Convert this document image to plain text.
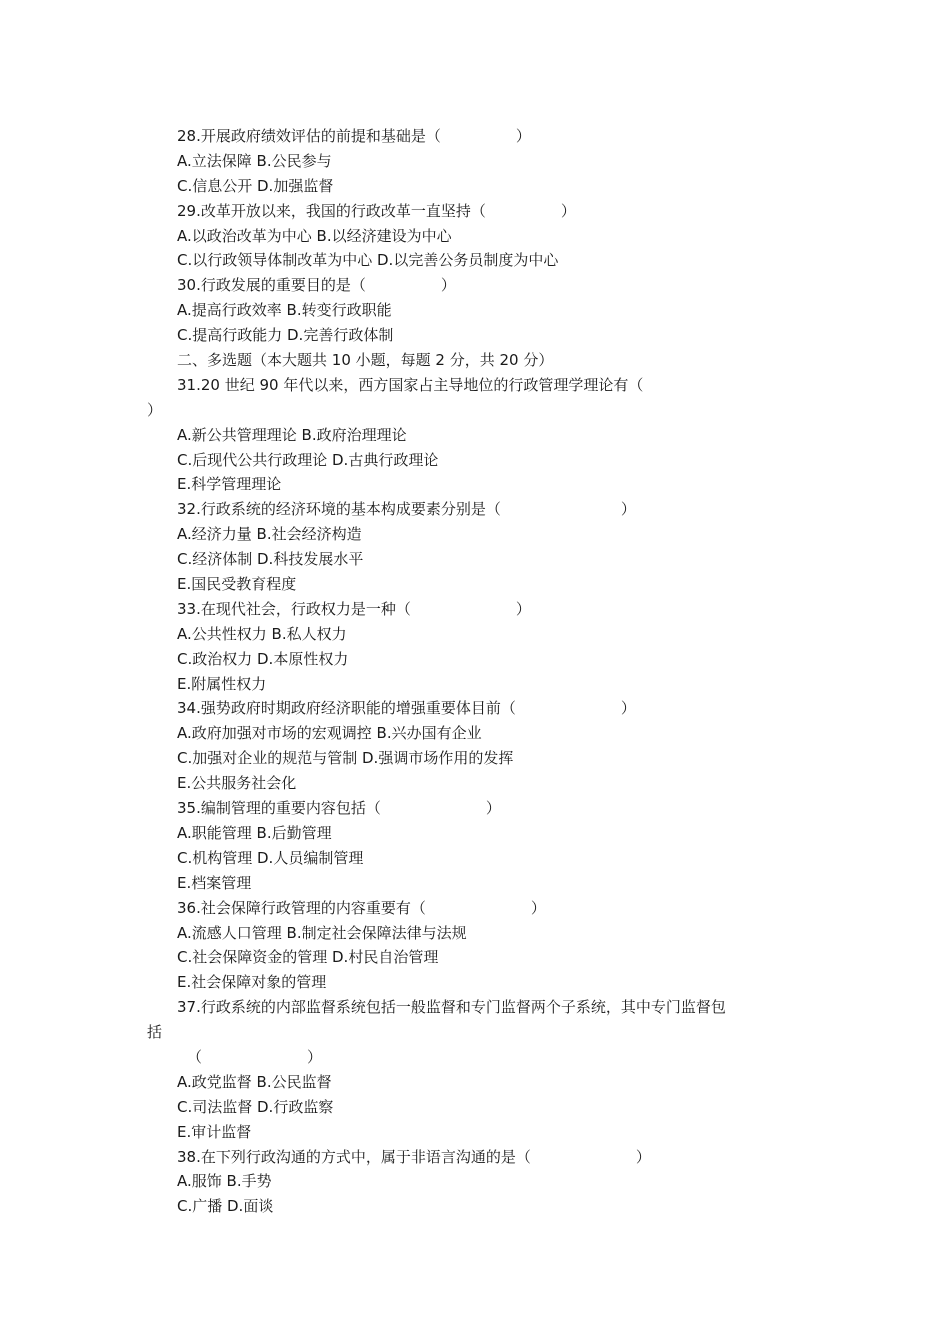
28.开展政府绩效评估的前提和基础是（　　　　　）
A.立法保障 B.公民参与
C.信息公开 D.加强监督
29.改革开放以来，我国的行政改革一直坚持（　　　　　）
A.以政治改革为中心 B.以经济建设为中心
C.以行政领导体制改革为中心 D.以完善公务员制度为中心
30.行政发展的重要目的是（　　　　　）
A.提高行政效率 B.转变行政职能
C.提高行政能力 D.完善行政体制
二、多选题（本大题共 10 小题，每题 2 分，共 20 分）
31.20 世纪 90 年代以来，西方国家占主导地位的行政管理学理论有（
）
A.新公共管理理论 B.政府治理理论
C.后现代公共行政理论 D.古典行政理论
E.科学管理理论
32.行政系统的经济环境的基本构成要素分别是（　　　　　　　　）
A.经济力量 B.社会经济构造
C.经济体制 D.科技发展水平
E.国民受教育程度
33.在现代社会，行政权力是一种（　　　　　　　）
A.公共性权力 B.私人权力
C.政治权力 D.本原性权力
E.附属性权力
34.强势政府时期政府经济职能的增强重要体目前（　　　　　　　）
A.政府加强对市场的宏观调控 B.兴办国有企业
C.加强对企业的规范与管制 D.强调市场作用的发挥
E.公共服务社会化
35.编制管理的重要内容包括（　　　　　　　）
A.职能管理 B.后勤管理
C.机构管理 D.人员编制管理
E.档案管理
36.社会保障行政管理的内容重要有（　　　　　　　）
A.流感人口管理 B.制定社会保障法律与法规
C.社会保障资金的管理 D.村民自治管理
E.社会保障对象的管理
37.行政系统的内部监督系统包括一般监督和专门监督两个子系统，其中专门监督包
括
（　　　　　　　）
A.政党监督 B.公民监督
C.司法监督 D.行政监察
E.审计监督
38.在下列行政沟通的方式中，属于非语言沟通的是（　　　　　　　）
A.服饰 B.手势
C.广播 D.面谈
